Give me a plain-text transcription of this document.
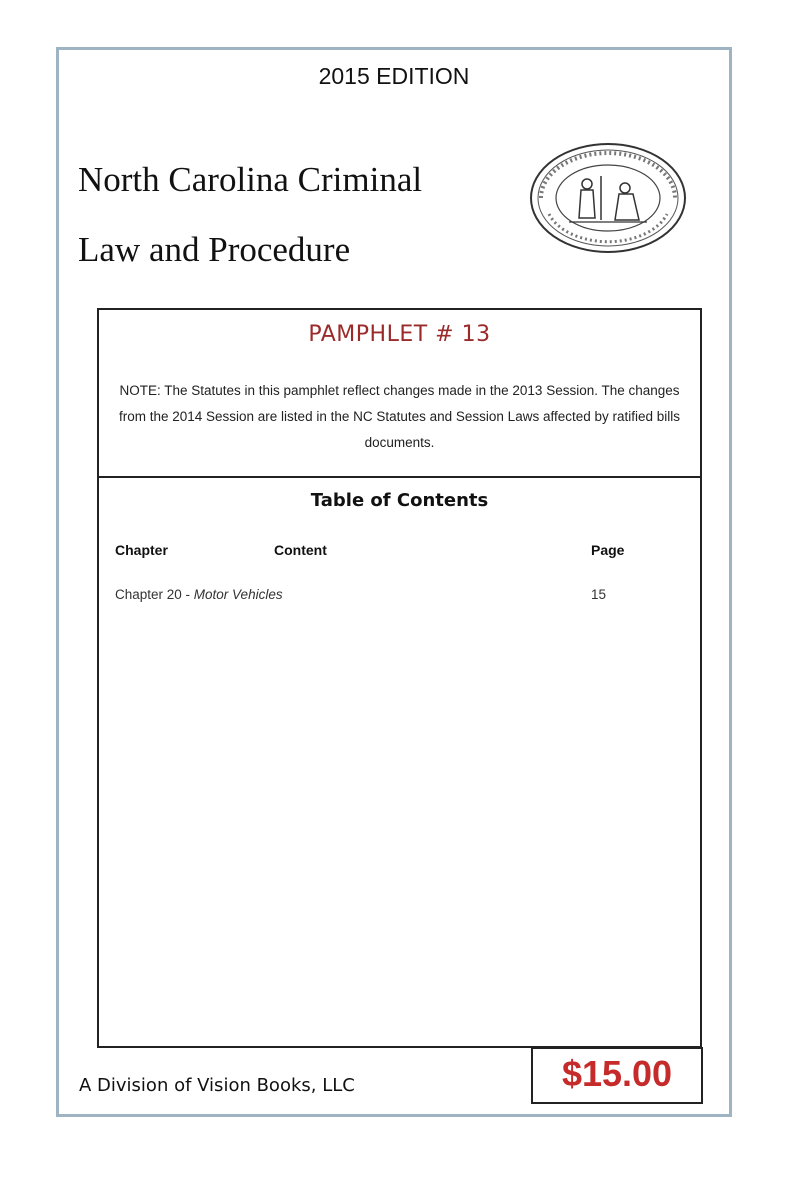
2015 EDITION
North Carolina Criminal
Law and Procedure
PAMPHLET # 13
NOTE: The Statutes in this pamphlet reflect changes made in the 2013 Session. The changes from the 2014 Session are listed in the NC Statutes and Session Laws affected by ratified bills documents.
Table of Contents
Chapter	Content	Page
Chapter 20 - Motor Vehicles	15
A Division of Vision Books, LLC	$15.00
